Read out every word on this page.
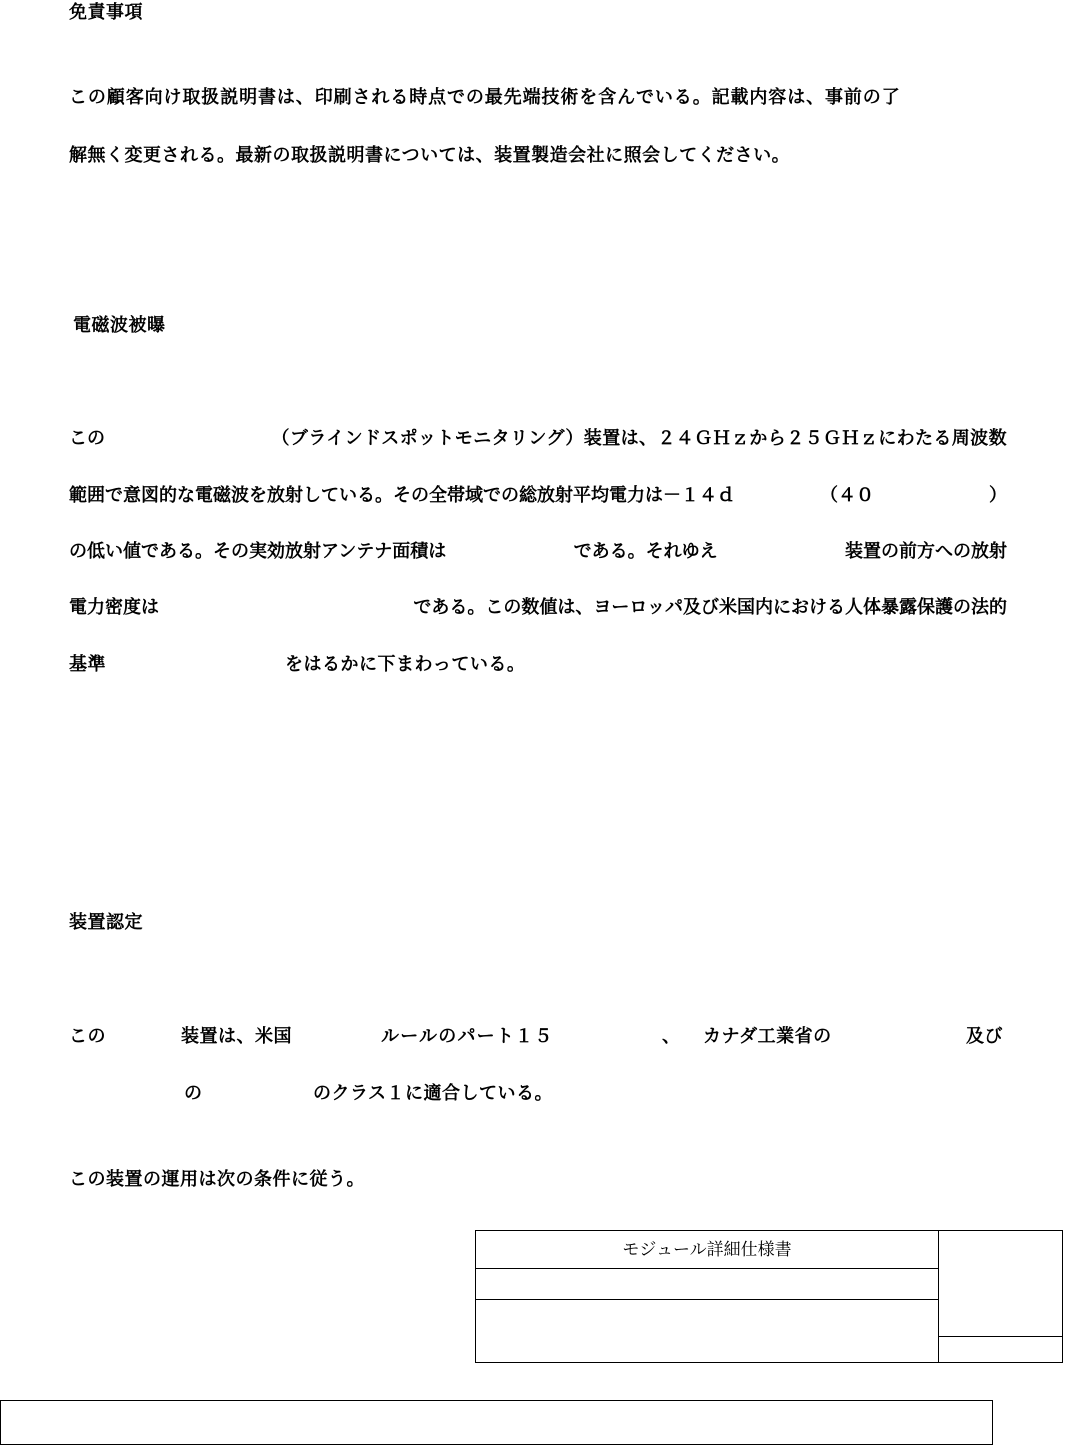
免責事項
この顧客向け取扱説明書は、印刷される時点での最先端技術を含んでいる。記載内容は、事前の了
解無く変更される。最新の取扱説明書については、装置製造会社に照会してください。
電磁波被曝
この	（ブラインドスポットモニタリング）装置は、２４ＧＨｚから２５ＧＨｚにわたる周波数
範囲で意図的な電磁波を放射している。その全帯域での総放射平均電力は－１４ｄ	（４０	）
の低い値である。その実効放射アンテナ面積は	である。それゆえ	装置の前方への放射
電力密度は	である。この数値は、ヨーロッパ及び米国内における人体暴露保護の法的
基準	をはるかに下まわっている。
装置認定
この	装置は、米国	ルールのパート１５	、 カナダ工業省の	及び
の	のクラス１に適合している。
この装置の運用は次の条件に従う。
モジュール詳細仕様書
